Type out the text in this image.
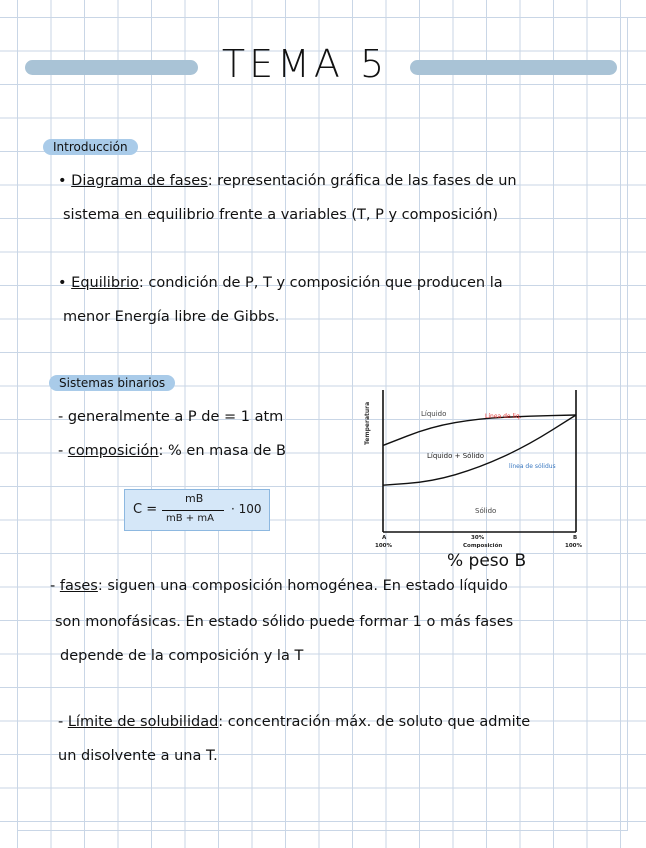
TEMA 5
Introducción
• Diagrama de fases: representación gráfica de las fases de un
sistema en equilibrio frente a variables (T, P y composición)
• Equilibrio: condición de P, T y composición que producen la
menor Energía libre de Gibbs.
Sistemas binarios
- generalmente a P de = 1 atm
- composición: % en masa de B
C =
mB
mB + mA
· 100
Temperatura	Líquido
Líquido + Sólido
Sólido
Línea de liq.
línea de sólidus
A
100%
30%
Composición
B
100%
% peso B
- fases: siguen una composición homogénea. En estado líquido
son monofásicas. En estado sólido puede formar 1 o más fases
depende de la composición y la T
- Límite de solubilidad: concentración máx. de soluto que admite
un disolvente a una T.
